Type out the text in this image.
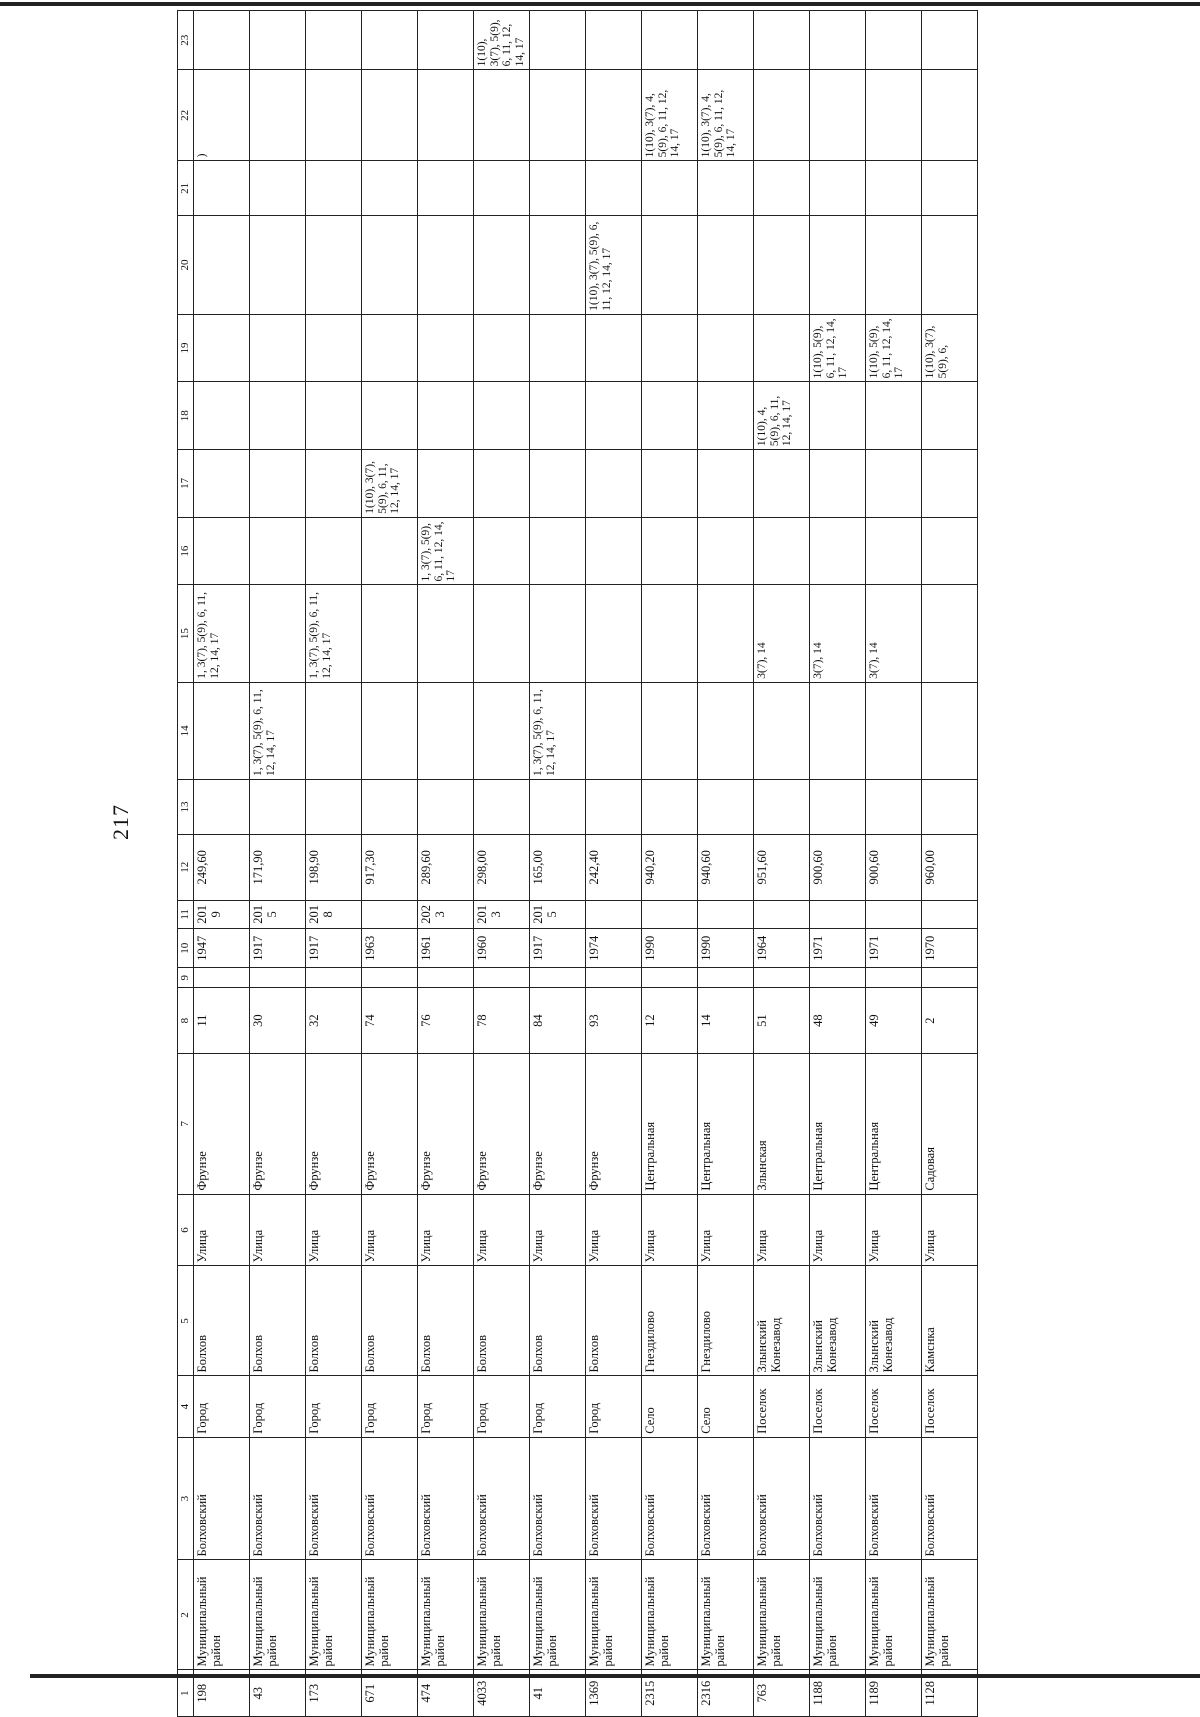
217
1	2	3	4	5	6	7	8	9	10	11	12	13	14	15	16	17	18	19	20	21	22	23
198	Муниципальный район	Болховский	Город	Болхов	Улица	Фрунзе	11		1947	2019	249,60			1, 3(7), 5(9), 6, 11, 12, 14, 17							)	
43	Муниципальный район	Болховский	Город	Болхов	Улица	Фрунзе	30		1917	2015	171,90		1, 3(7), 5(9), 6, 11, 12, 14, 17									
173	Муниципальный район	Болховский	Город	Болхов	Улица	Фрунзе	32		1917	2018	198,90			1, 3(7), 5(9), 6, 11, 12, 14, 17								
671	Муниципальный район	Болховский	Город	Болхов	Улица	Фрунзе	74		1963		917,30					1(10), 3(7), 5(9), 6, 11, 12, 14, 17						
474	Муниципальный район	Болховский	Город	Болхов	Улица	Фрунзе	76		1961	2023	289,60				1, 3(7), 5(9), 6, 11, 12, 14, 17							
4033	Муниципальный район	Болховский	Город	Болхов	Улица	Фрунзе	78		1960	2013	298,00											1(10), 3(7), 5(9), 6, 11, 12, 14, 17
41	Муниципальный район	Болховский	Город	Болхов	Улица	Фрунзе	84		1917	2015	165,00		1, 3(7), 5(9), 6, 11, 12, 14, 17									
1369	Муниципальный район	Болховский	Город	Болхов	Улица	Фрунзе	93		1974		242,40								1(10), 3(7), 5(9), 6, 11, 12, 14, 17			
2315	Муниципальный район	Болховский	Село	Гнездилово	Улица	Центральная	12		1990		940,20										1(10), 3(7), 4, 5(9), 6, 11, 12, 14, 17	
2316	Муниципальный район	Болховский	Село	Гнездилово	Улица	Центральная	14		1990		940,60										1(10), 3(7), 4, 5(9), 6, 11, 12, 14, 17	
763	Муниципальный район	Болховский	Поселок	Злынский Конезавод	Улица	Злынская	51		1964		951,60			3(7), 14			1(10), 4, 5(9), 6, 11, 12, 14, 17					
1188	Муниципальный район	Болховский	Поселок	Злынский Конезавод	Улица	Центральная	48		1971		900,60			3(7), 14				1(10), 5(9), 6, 11, 12, 14, 17				
1189	Муниципальный район	Болховский	Поселок	Злынский Конезавод	Улица	Центральная	49		1971		900,60			3(7), 14				1(10), 5(9), 6, 11, 12, 14, 17				
1128	Муниципальный район	Болховский	Поселок	Камснка	Улица	Садовая	2		1970		960,00							1(10), 3(7), 5(9), 6,				
